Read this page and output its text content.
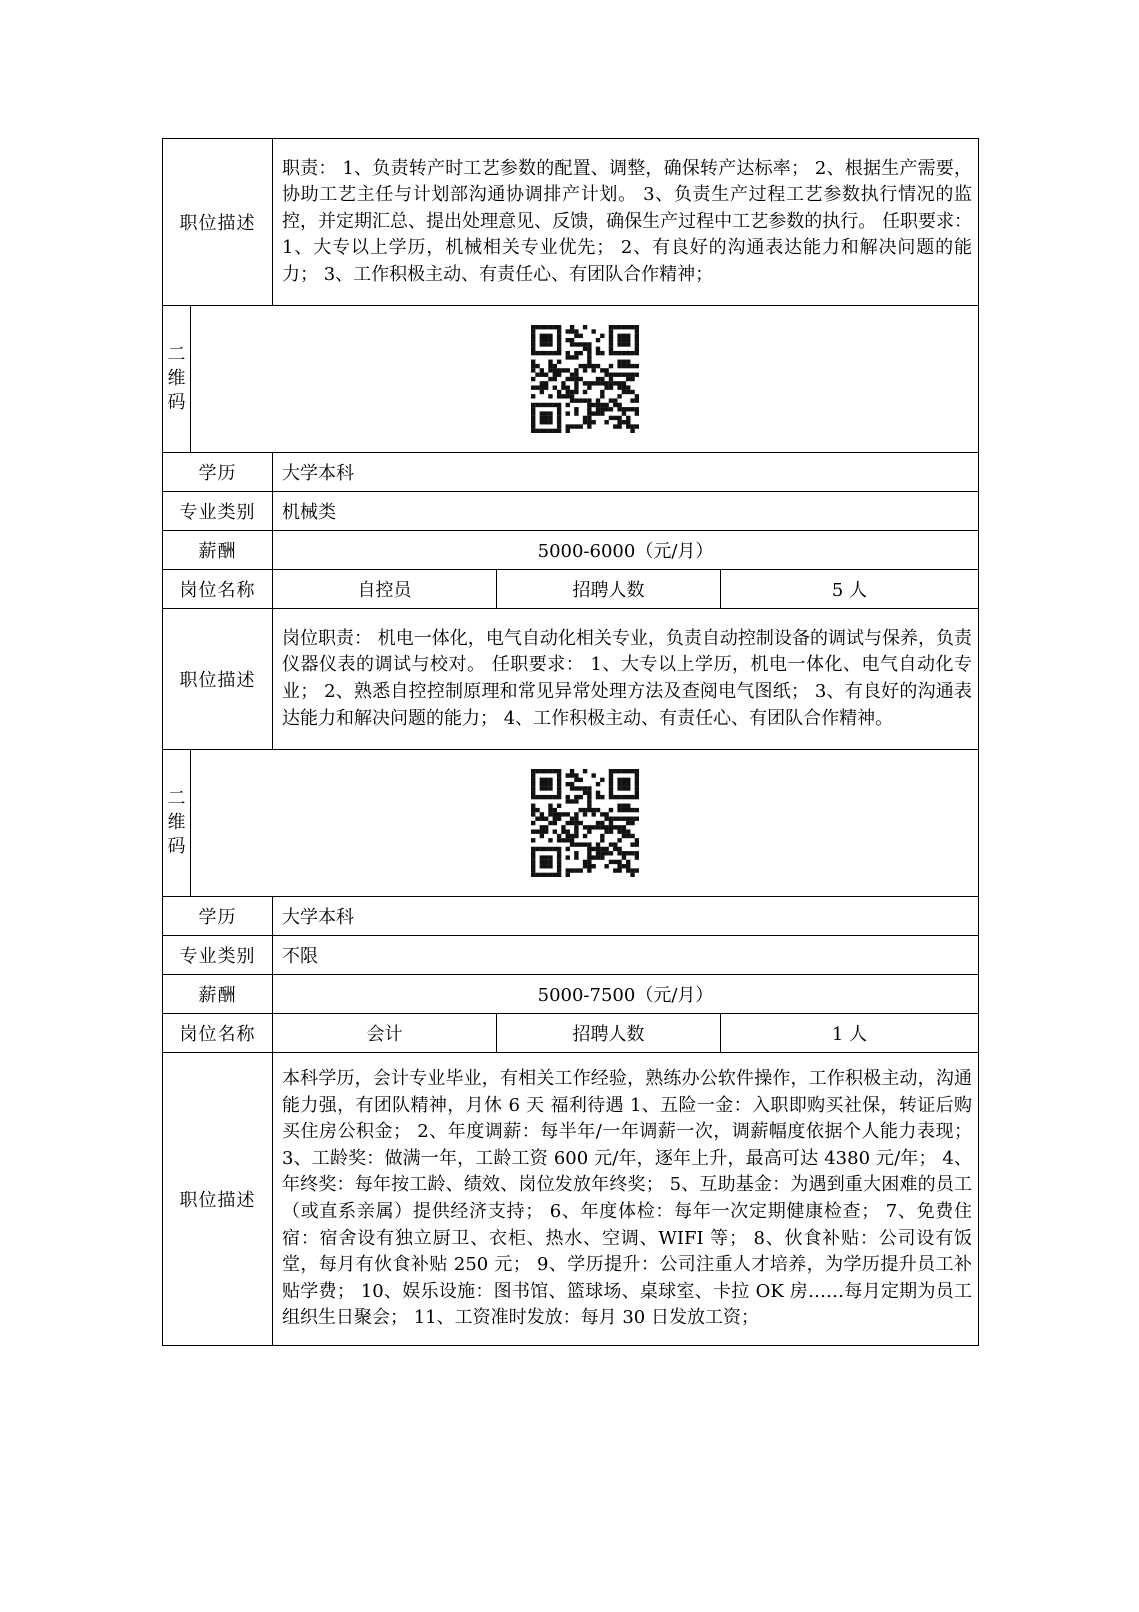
职位描述		职责： 1、负责转产时工艺参数的配置、调整，确保转产达标率； 2、根据生产需要，协助工艺主任与计划部沟通协调排产计划。 3、负责生产过程工艺参数执行情况的监控，并定期汇总、提出处理意见、反馈，确保生产过程中工艺参数的执行。 任职要求： 1、大专以上学历，机械相关专业优先； 2、有良好的沟通表达能力和解决问题的能力； 3、工作积极主动、有责任心、有团队合作精神；		

二
维
码

学历		大学本科		
专业类别		机械类		
薪酬		5000-6000（元/月）		
岗位名称		自控员	招聘人数	5 人
职位描述		岗位职责： 机电一体化，电气自动化相关专业，负责自动控制设备的调试与保养，负责仪器仪表的调试与校对。 任职要求： 1、大专以上学历，机电一体化、电气自动化专业； 2、熟悉自控控制原理和常见异常处理方法及查阅电气图纸； 3、有良好的沟通表达能力和解决问题的能力； 4、工作积极主动、有责任心、有团队合作精神。		

二
维
码

学历		大学本科		
专业类别		不限		
薪酬		5000-7500（元/月）		
岗位名称		会计	招聘人数	1 人
职位描述		本科学历，会计专业毕业，有相关工作经验，熟练办公软件操作，工作积极主动，沟通能力强，有团队精神，月休 6 天 福利待遇 1、五险一金：入职即购买社保，转证后购买住房公积金； 2、年度调薪：每半年/一年调薪一次，调薪幅度依据个人能力表现； 3、工龄奖：做满一年，工龄工资 600 元/年，逐年上升，最高可达 4380 元/年； 4、年终奖：每年按工龄、绩效、岗位发放年终奖； 5、互助基金：为遇到重大困难的员工（或直系亲属）提供经济支持； 6、年度体检：每年一次定期健康检查； 7、免费住宿：宿舍设有独立厨卫、衣柜、热水、空调、WIFI 等； 8、伙食补贴：公司设有饭堂，每月有伙食补贴 250 元； 9、学历提升：公司注重人才培养，为学历提升员工补贴学费； 10、娱乐设施：图书馆、篮球场、桌球室、卡拉 OK 房……每月定期为员工组织生日聚会； 11、工资准时发放：每月 30 日发放工资；		
